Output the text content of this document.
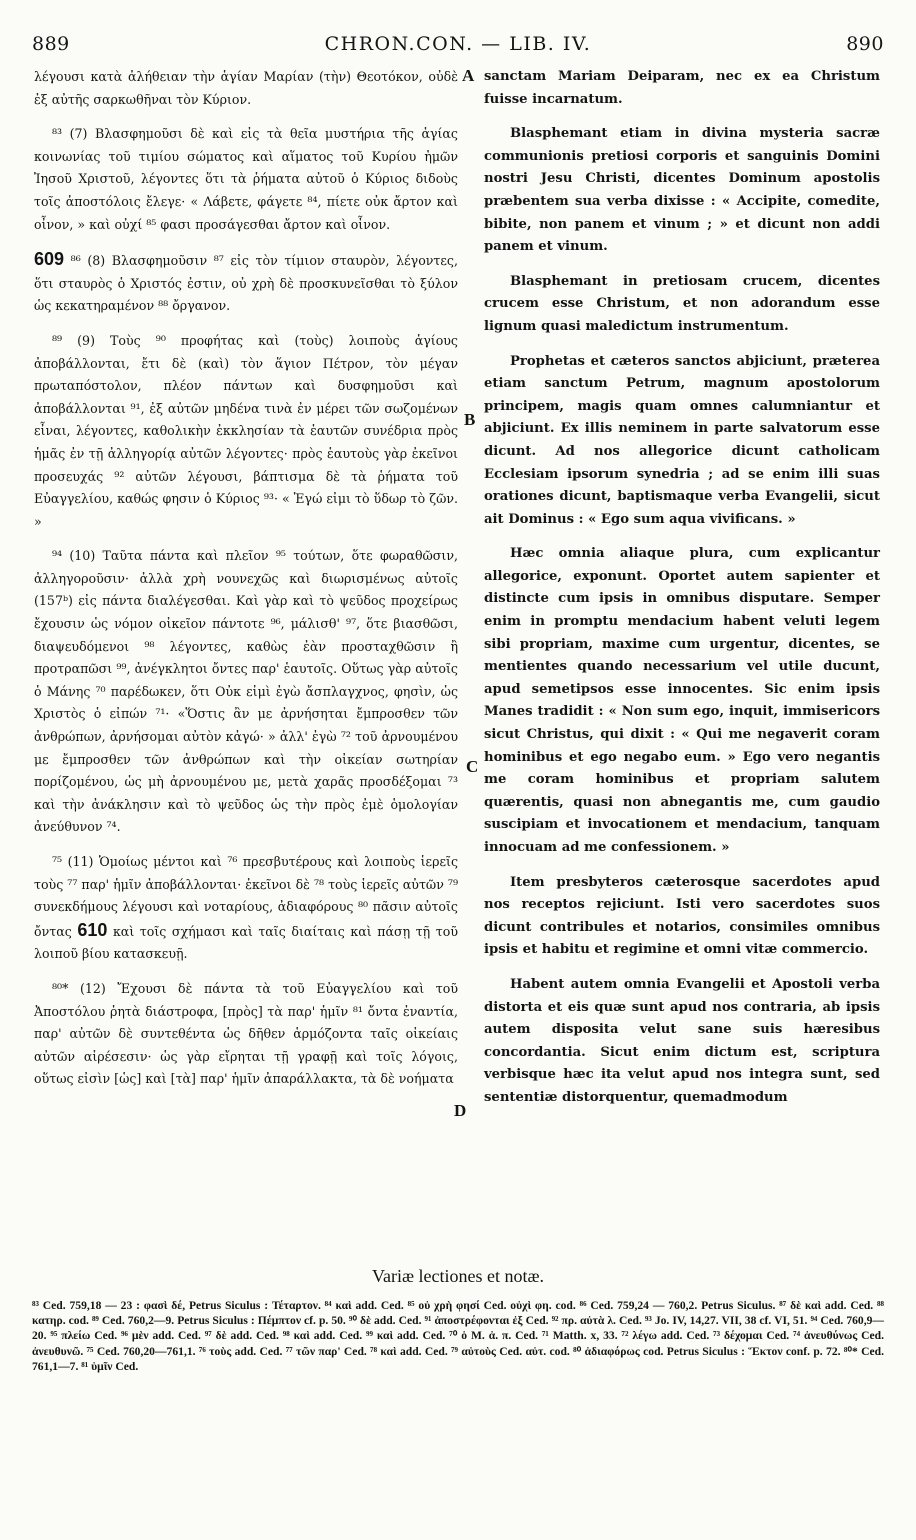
889	CHRON.CON. — LIB. IV.	890
A
B
C
D

λέγουσι κατὰ ἀλήθειαν τὴν ἁγίαν Μαρίαν (τὴν) Θεοτόκον, οὐδὲ ἐξ αὐτῆς σαρκωθῆναι τὸν Κύριον.

⁸³ (7) Βλασφημοῦσι δὲ καὶ εἰς τὰ θεῖα μυστήρια τῆς ἁγίας κοινωνίας τοῦ τιμίου σώματος καὶ αἵματος τοῦ Κυρίου ἡμῶν Ἰησοῦ Χριστοῦ, λέγοντες ὅτι τὰ ῥήματα αὐτοῦ ὁ Κύριος διδοὺς τοῖς ἀποστόλοις ἔλεγε· « Λάβετε, φάγετε ⁸⁴, πίετε οὐκ ἄρτον καὶ οἶνον, » καὶ οὐχί ⁸⁵ φασι προσάγεσθαι ἄρτον καὶ οἶνον.

609 ⁸⁶ (8) Βλασφημοῦσιν ⁸⁷ εἰς τὸν τίμιον σταυρὸν, λέγοντες, ὅτι σταυρὸς ὁ Χριστός ἐστιν, οὐ χρὴ δὲ προσκυνεῖσθαι τὸ ξύλον ὡς κεκατηραμένον ⁸⁸ ὄργανον.

⁸⁹ (9) Τοὺς ⁹⁰ προφήτας καὶ (τοὺς) λοιποὺς ἁγίους ἀποβάλλονται, ἔτι δὲ (καὶ) τὸν ἅγιον Πέτρον, τὸν μέγαν πρωταπόστολον, πλέον πάντων καὶ δυσφημοῦσι καὶ ἀποβάλλονται ⁹¹, ἐξ αὐτῶν μηδένα τινὰ ἐν μέρει τῶν σωζομένων εἶναι, λέγοντες, καθολικὴν ἐκκλησίαν τὰ ἑαυτῶν συνέδρια πρὸς ἡμᾶς ἐν τῇ ἀλληγορίᾳ αὐτῶν λέγοντες· πρὸς ἑαυτοὺς γὰρ ἐκεῖνοι προσευχάς ⁹² αὐτῶν λέγουσι, βάπτισμα δὲ τὰ ῥήματα τοῦ Εὐαγγελίου, καθώς φησιν ὁ Κύριος ⁹³· « Ἐγώ εἰμι τὸ ὕδωρ τὸ ζῶν. »

⁹⁴ (10) Ταῦτα πάντα καὶ πλεῖον ⁹⁵ τούτων, ὅτε φωραθῶσιν, ἀλληγοροῦσιν· ἀλλὰ χρὴ νουνεχῶς καὶ διωρισμένως αὐτοῖς (157ᵇ) εἰς πάντα διαλέγεσθαι. Καὶ γὰρ καὶ τὸ ψεῦδος προχείρως ἔχουσιν ὡς νόμον οἰκεῖον πάντοτε ⁹⁶, μάλισθ' ⁹⁷, ὅτε βιασθῶσι, διαψευδόμενοι ⁹⁸ λέγοντες, καθὼς ἐὰν προσταχθῶσιν ἢ προτραπῶσι ⁹⁹, ἀνέγκλητοι ὄντες παρ' ἑαυτοῖς. Οὕτως γὰρ αὐτοῖς ὁ Μάνης ⁷⁰ παρέδωκεν, ὅτι Οὐκ εἰμὶ ἐγὼ ἄσπλαγχνος, φησὶν, ὡς Χριστὸς ὁ εἰπών ⁷¹· «Ὅστις ἂν με ἀρνήσηται ἔμπροσθεν τῶν ἀνθρώπων, ἀρνήσομαι αὐτὸν κἀγώ· » ἀλλ' ἐγὼ ⁷² τοῦ ἀρνουμένου με ἔμπροσθεν τῶν ἀνθρώπων καὶ τὴν οἰκείαν σωτηρίαν πορίζομένου, ὡς μὴ ἀρνουμένου με, μετὰ χαρᾶς προσδέξομαι ⁷³ καὶ τὴν ἀνάκλησιν καὶ τὸ ψεῦδος ὡς τὴν πρὸς ἐμὲ ὁμολογίαν ἀνεύθυνον ⁷⁴.

⁷⁵ (11) Ὁμοίως μέντοι καὶ ⁷⁶ πρεσβυτέρους καὶ λοιποὺς ἱερεῖς τοὺς ⁷⁷ παρ' ἡμῖν ἀποβάλλονται· ἐκεῖνοι δὲ ⁷⁸ τοὺς ἱερεῖς αὐτῶν ⁷⁹ συνεκδήμους λέγουσι καὶ νοταρίους, ἀδιαφόρους ⁸⁰ πᾶσιν αὐτοῖς ὄντας 610 καὶ τοῖς σχήμασι καὶ ταῖς διαίταις καὶ πάσῃ τῇ τοῦ λοιποῦ βίου κατασκευῇ.

⁸⁰* (12) Ἔχουσι δὲ πάντα τὰ τοῦ Εὐαγγελίου καὶ τοῦ Ἀποστόλου ῥητὰ διάστροφα, [πρὸς] τὰ παρ' ἡμῖν ⁸¹ ὄντα ἐναντία, παρ' αὐτῶν δὲ συντεθέντα ὡς δῆθεν ἁρμόζοντα ταῖς οἰκείαις αὐτῶν αἱρέσεσιν· ὡς γὰρ εἴρηται τῇ γραφῇ καὶ τοῖς λόγοις, οὕτως εἰσὶν [ὡς] καὶ [τὰ] παρ' ἡμῖν ἀπαράλλακτα, τὰ δὲ νοήματα

sanctam Mariam Deiparam, nec ex ea Christum fuisse incarnatum.

Blasphemant etiam in divina mysteria sacræ communionis pretiosi corporis et sanguinis Domini nostri Jesu Christi, dicentes Dominum apostolis præbentem sua verba dixisse : « Accipite, comedite, bibite, non panem et vinum ; » et dicunt non addi panem et vinum.

Blasphemant in pretiosam crucem, dicentes crucem esse Christum, et non adorandum esse lignum quasi maledictum instrumentum.

Prophetas et cæteros sanctos abjiciunt, præterea etiam sanctum Petrum, magnum apostolorum principem, magis quam omnes calumniantur et abjiciunt. Ex illis neminem in parte salvatorum esse dicunt. Ad nos allegorice dicunt catholicam Ecclesiam ipsorum synedria ; ad se enim illi suas orationes dicunt, baptismaque verba Evangelii, sicut ait Dominus : « Ego sum aqua vivificans. »

Hæc omnia aliaque plura, cum explicantur allegorice, exponunt. Oportet autem sapienter et distincte cum ipsis in omnibus disputare. Semper enim in promptu mendacium habent veluti legem sibi propriam, maxime cum urgentur, dicentes, se mentientes quando necessarium vel utile ducunt, apud semetipsos esse innocentes. Sic enim ipsis Manes tradidit : « Non sum ego, inquit, immisericors sicut Christus, qui dixit : « Qui me negaverit coram hominibus et ego negabo eum. » Ego vero negantis me coram hominibus et propriam salutem quærentis, quasi non abnegantis me, cum gaudio suscipiam et invocationem et mendacium, tanquam innocuam ad me confessionem. »

Item presbyteros cæterosque sacerdotes apud nos receptos rejiciunt. Isti vero sacerdotes suos dicunt contribules et notarios, consimiles omnibus ipsis et habitu et regimine et omni vitæ commercio.

Habent autem omnia Evangelii et Apostoli verba distorta et eis quæ sunt apud nos contraria, ab ipsis autem disposita velut sane suis hæresibus concordantia. Sicut enim dictum est, scriptura verbisque hæc ita velut apud nos integra sunt, sed sententiæ distorquentur, quemadmodum

Variæ lectiones et notæ.
⁸³ Ced. 759,18 — 23 : φασὶ δέ, Petrus Siculus : Τέταρτον. ⁸⁴ καὶ add. Ced. ⁸⁵ οὐ χρὴ φησί Ced. οὐχὶ φη. cod. ⁸⁶ Ced. 759,24 — 760,2. Petrus Siculus. ⁸⁷ δὲ καὶ add. Ced. ⁸⁸ κατηρ. cod. ⁸⁹ Ced. 760,2—9. Petrus Siculus : Πέμπτον cf. p. 50. ⁹⁰ δὲ add. Ced. ⁹¹ ἀποστρέφονται ἐξ Ced. ⁹² πρ. αὐτὰ λ. Ced. ⁹³ Jo. IV, 14,27. VII, 38 cf. VI, 51. ⁹⁴ Ced. 760,9—20. ⁹⁵ πλείω Ced. ⁹⁶ μὲν add. Ced. ⁹⁷ δὲ add. Ced. ⁹⁸ καὶ add. Ced. ⁹⁹ καὶ add. Ced. ⁷⁰ ὁ Μ. ἀ. π. Ced. ⁷¹ Matth. x, 33. ⁷² λέγω add. Ced. ⁷³ δέχομαι Ced. ⁷⁴ ἀνευθύνως Ced. ἀνευθυνῶ. ⁷⁵ Ced. 760,20—761,1. ⁷⁶ τοὺς add. Ced. ⁷⁷ τῶν παρ' Ced. ⁷⁸ καὶ add. Ced. ⁷⁹ αὐτοὺς Ced. αὐτ. cod. ⁸⁰ ἀδιαφόρως cod. Petrus Siculus : Ἕκτον conf. p. 72. ⁸⁰* Ced. 761,1—7. ⁸¹ ὑμῖν Ced.
